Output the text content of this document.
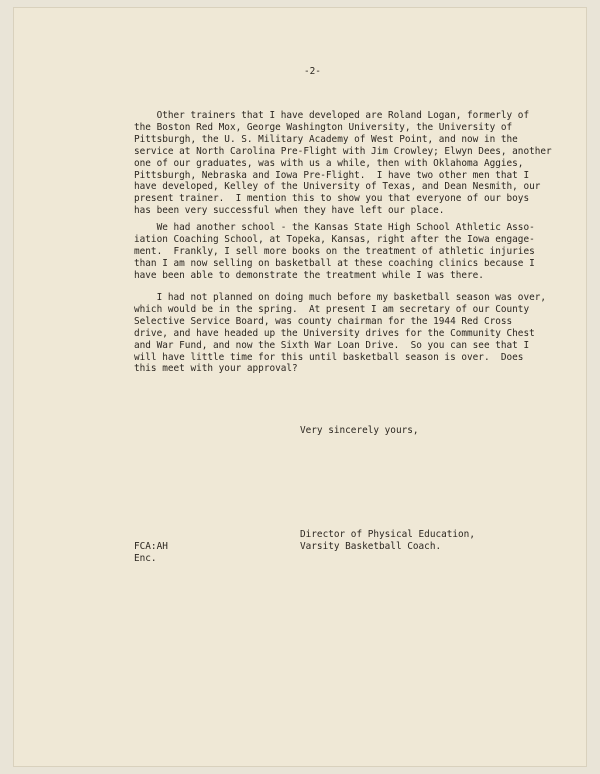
-2-
Other trainers that I have developed are Roland Logan, formerly of
the Boston Red Mox, George Washington University, the University of
Pittsburgh, the U. S. Military Academy of West Point, and now in the
service at North Carolina Pre-Flight with Jim Crowley; Elwyn Dees, another
one of our graduates, was with us a while, then with Oklahoma Aggies,
Pittsburgh, Nebraska and Iowa Pre-Flight.  I have two other men that I
have developed, Kelley of the University of Texas, and Dean Nesmith, our
present trainer.  I mention this to show you that everyone of our boys
has been very successful when they have left our place.
We had another school - the Kansas State High School Athletic Asso-
iation Coaching School, at Topeka, Kansas, right after the Iowa engage-
ment.  Frankly, I sell more books on the treatment of athletic injuries
than I am now selling on basketball at these coaching clinics because I
have been able to demonstrate the treatment while I was there.
I had not planned on doing much before my basketball season was over,
which would be in the spring.  At present I am secretary of our County
Selective Service Board, was county chairman for the 1944 Red Cross
drive, and have headed up the University drives for the Community Chest
and War Fund, and now the Sixth War Loan Drive.  So you can see that I
will have little time for this until basketball season is over.  Does
this meet with your approval?
Very sincerely yours,
Director of Physical Education,
Varsity Basketball Coach.
FCA:AH
Enc.
